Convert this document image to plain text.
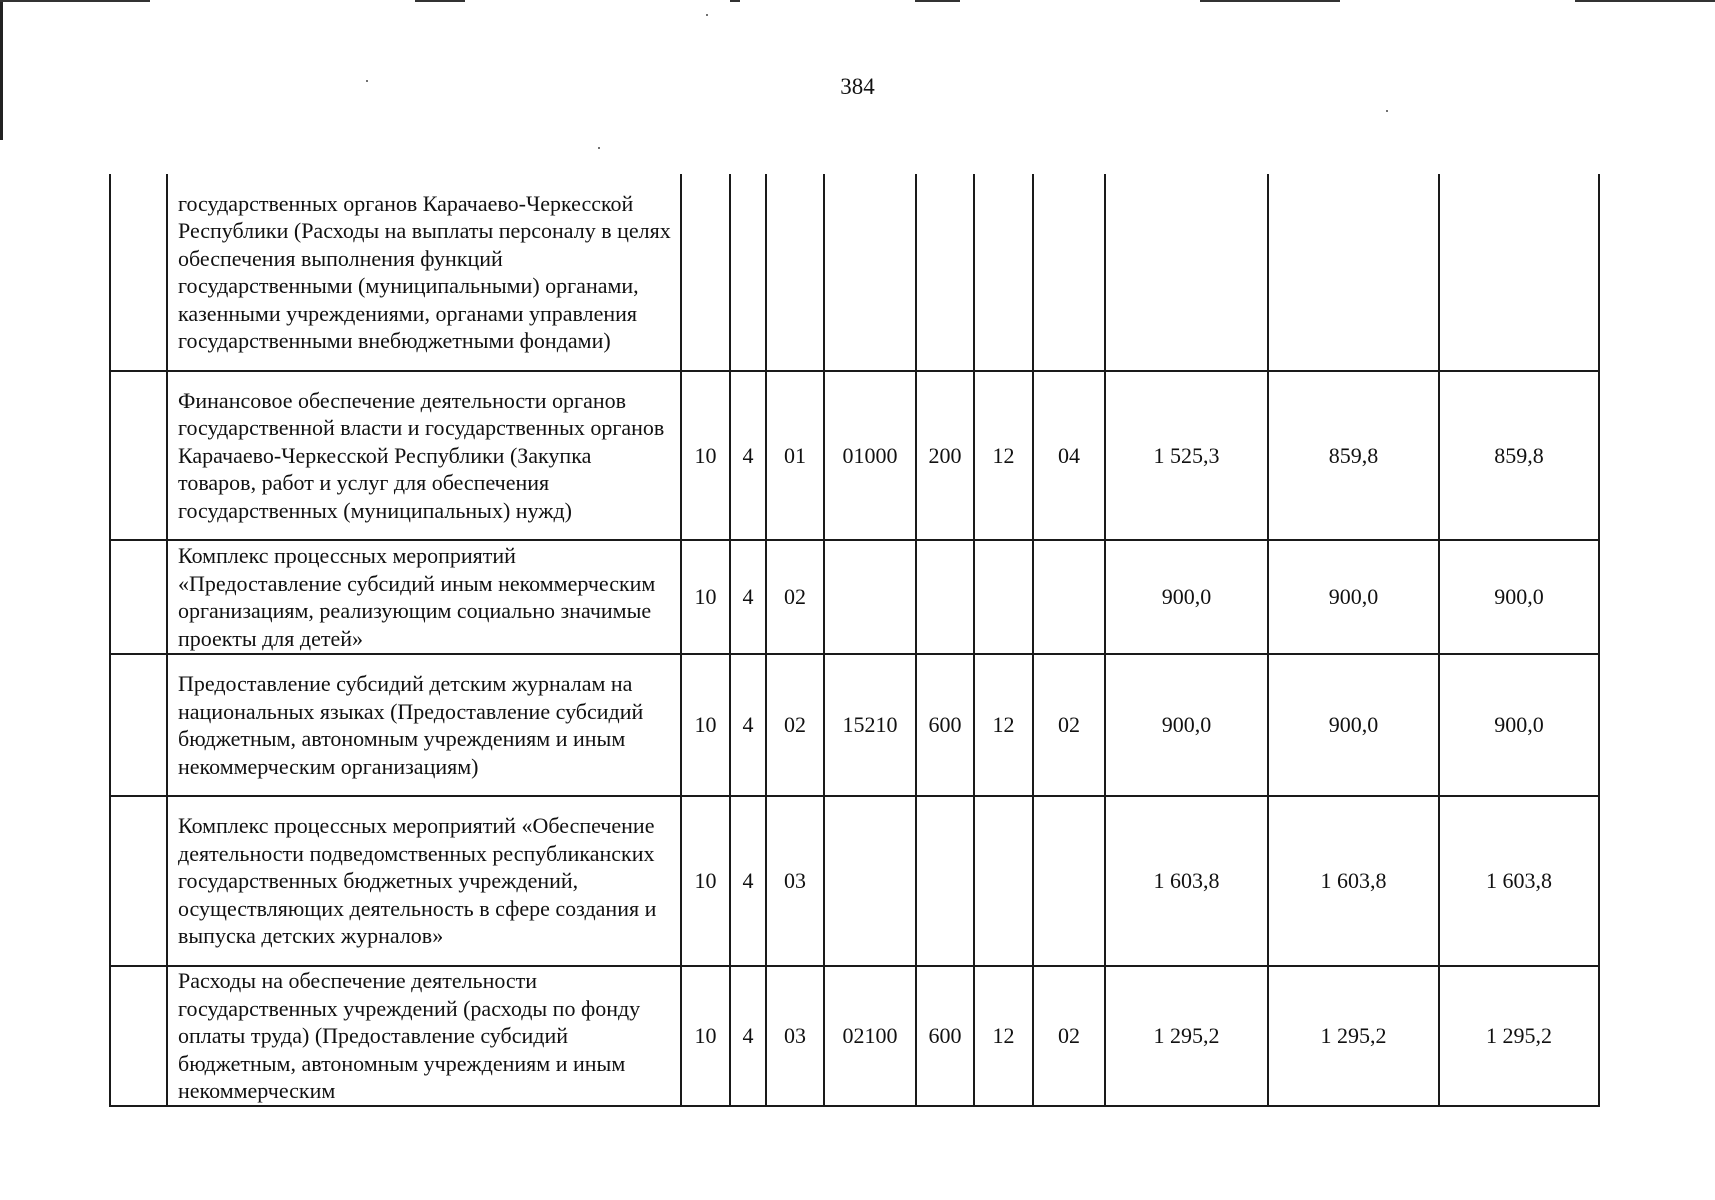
384
	государственных органов Карачаево-Черкесской Республики (Расходы на выплаты персоналу в целях обеспечения выполнения функций государственными (муниципальными) органами, казенными учреждениями, органами управления государственными внебюджетными фондами)										
	Финансовое обеспечение деятельности органов государственной власти и государственных органов Карачаево-Черкесской Республики (Закупка товаров, работ и услуг для обеспечения государственных (муниципальных) нужд)	10	4	01	01000	200	12	04	1 525,3	859,8	859,8
	Комплекс процессных мероприятий «Предоставление субсидий иным некоммерческим организациям, реализующим социально значимые проекты для детей»	10	4	02					900,0	900,0	900,0
	Предоставление субсидий детским журналам на национальных языках (Предоставление субсидий бюджетным, автономным учреждениям и иным некоммерческим организациям)	10	4	02	15210	600	12	02	900,0	900,0	900,0
	Комплекс процессных мероприятий «Обеспечение деятельности подведомственных республиканских государственных бюджетных учреждений, осуществляющих деятельность в сфере создания и выпуска детских журналов»	10	4	03					1 603,8	1 603,8	1 603,8
	Расходы на обеспечение деятельности государственных учреждений (расходы по фонду оплаты труда) (Предоставление субсидий бюджетным, автономным учреждениям и иным некоммерческим	10	4	03	02100	600	12	02	1 295,2	1 295,2	1 295,2
